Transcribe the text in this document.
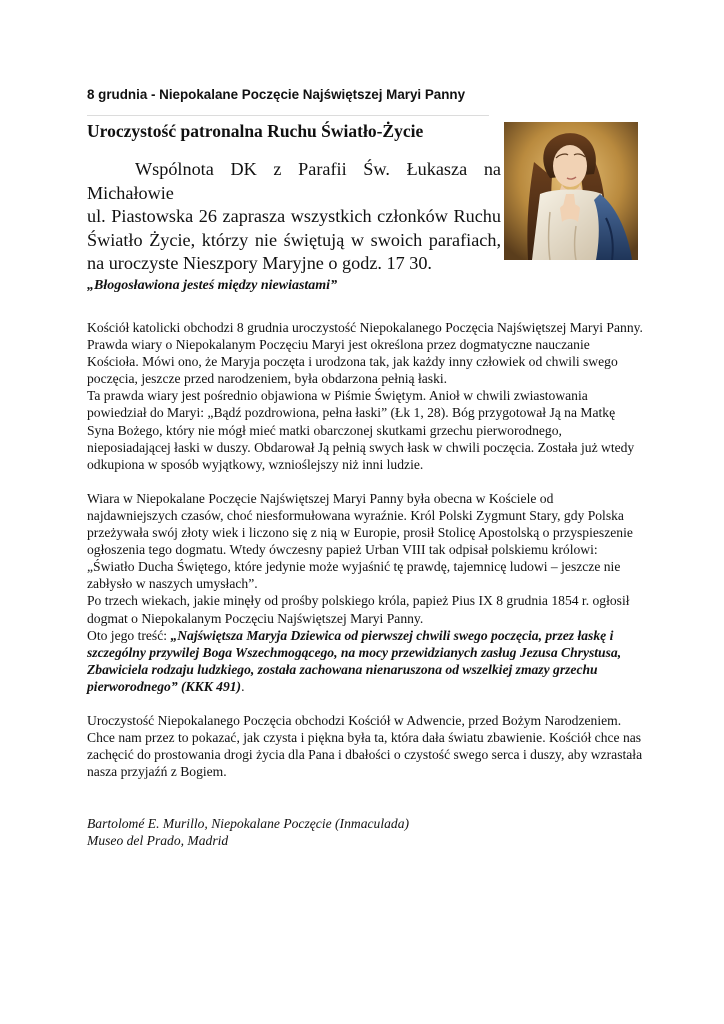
8 grudnia - Niepokalane Poczęcie Najświętszej Maryi Panny
Uroczystość patronalna Ruchu Światło-Życie

Wspólnota DK z Parafii Św. Łukasza na Michałowie

ul. Piastowska 26 zaprasza wszystkich członków Ruchu Światło Życie, którzy nie świętują w swoich parafiach, na uroczyste Nieszpory Maryjne o godz. 17 30.

„Błogosławiona jesteś między niewiastami”

Kościół katolicki obchodzi 8 grudnia uroczystość Niepokalanego Poczęcia Najświętszej Maryi Panny. Prawda wiary o Niepokalanym Poczęciu Maryi jest określona przez dogmatyczne nauczanie Kościoła. Mówi ono, że Maryja poczęta i urodzona tak, jak każdy inny człowiek od chwili swego poczęcia, jeszcze przed narodzeniem, była obdarzona pełnią łaski.

Ta prawda wiary jest pośrednio objawiona w Piśmie Świętym. Anioł w chwili zwiastowania powiedział do Maryi: „Bądź pozdrowiona, pełna łaski” (Łk 1, 28). Bóg przygotował Ją na Matkę Syna Bożego, który nie mógł mieć matki obarczonej skutkami grzechu pierworodnego, nieposiadającej łaski w duszy. Obdarował Ją pełnią swych łask w chwili poczęcia. Została już wtedy odkupiona w sposób wyjątkowy, wznioślejszy niż inni ludzie.

Wiara w Niepokalane Poczęcie Najświętszej Maryi Panny była obecna w Kościele od najdawniejszych czasów, choć niesformułowana wyraźnie. Król Polski Zygmunt Stary, gdy Polska przeżywała swój złoty wiek i liczono się z nią w Europie, prosił Stolicę Apostolską o przyspieszenie ogłoszenia tego dogmatu. Wtedy ówczesny papież Urban VIII tak odpisał polskiemu królowi: „Światło Ducha Świętego, które jedynie może wyjaśnić tę prawdę, tajemnicę ludowi – jeszcze nie zabłysło w naszych umysłach”.

Po trzech wiekach, jakie minęły od prośby polskiego króla, papież Pius IX 8 grudnia 1854 r. ogłosił dogmat o Niepokalanym Poczęciu Najświętszej Maryi Panny.

Oto jego treść: „Najświętsza Maryja Dziewica od pierwszej chwili swego poczęcia, przez łaskę i szczególny przywilej Boga Wszechmogącego, na mocy przewidzianych zasług Jezusa Chrystusa, Zbawiciela rodzaju ludzkiego, została zachowana nienaruszona od wszelkiej zmazy grzechu pierworodnego” (KKK 491).

Uroczystość Niepokalanego Poczęcia obchodzi Kościół w Adwencie, przed Bożym Narodzeniem. Chce nam przez to pokazać, jak czysta i piękna była ta, która dała światu zbawienie. Kościół chce nas zachęcić do prostowania drogi życia dla Pana i dbałości o czystość swego serca i duszy, aby wzrastała nasza przyjaźń z Bogiem.

Bartolomé E. Murillo, Niepokalane Poczęcie (Inmaculada)
Museo del Prado, Madrid
